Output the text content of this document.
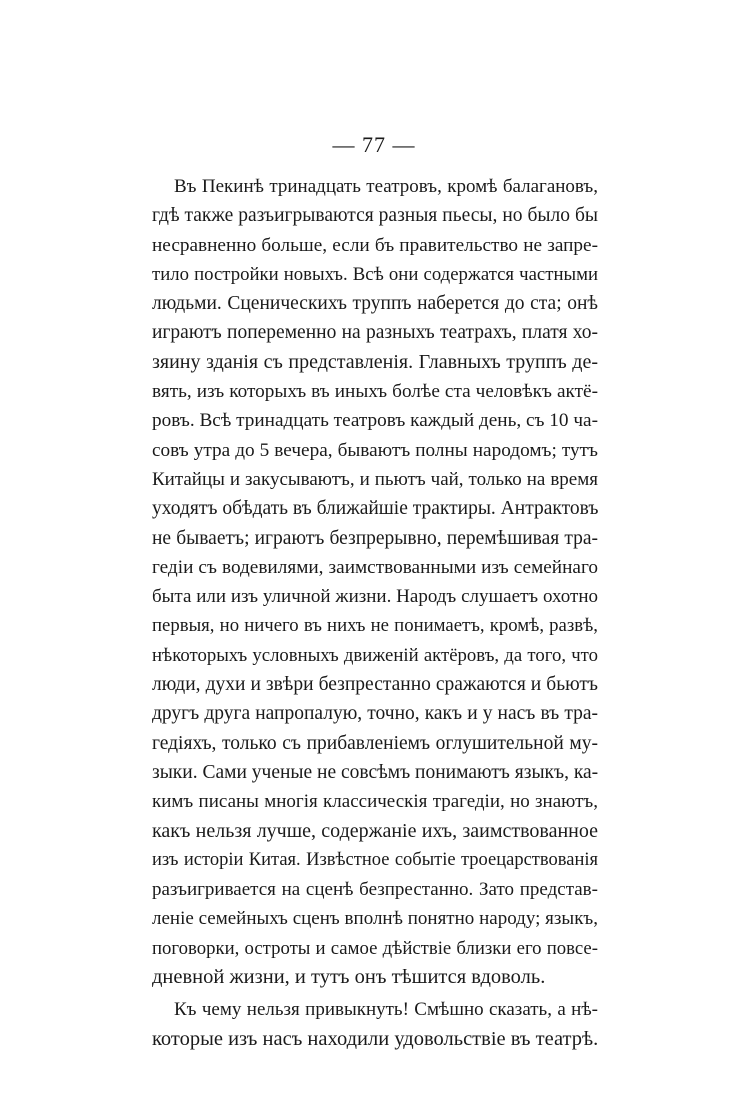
— 77 —
Въ Пекинѣ тринадцать театровъ, кромѣ балагановъ,
гдѣ также разъигрываются разныя пьесы, но было бы
несравненно больше, если бъ правительство не запре-
тило постройки новыхъ. Всѣ они содержатся частными
людьми. Сценическихъ труппъ наберется до ста; онѣ
играютъ попеременно на разныхъ театрахъ, платя хо-
зяину зданія съ представленія. Главныхъ труппъ де-
вять, изъ которыхъ въ иныхъ болѣе ста человѣкъ актё-
ровъ. Всѣ тринадцать театровъ каждый день, съ 10 ча-
совъ утра до 5 вечера, бываютъ полны народомъ; тутъ
Китайцы и закусываютъ, и пьютъ чай, только на время
уходятъ обѣдать въ ближайшіе трактиры. Антрактовъ
не бываетъ; играютъ безпрерывно, перемѣшивая тра-
гедіи съ водевилями, заимствованными изъ семейнаго
быта или изъ уличной жизни. Народъ слушаетъ охотно
первыя, но ничего въ нихъ не понимаетъ, кромѣ, развѣ,
нѣкоторыхъ условныхъ движеній актёровъ, да того, что
люди, духи и звѣри безпрестанно сражаются и бьютъ
другъ друга напропалую, точно, какъ и у насъ въ тра-
гедіяхъ, только съ прибавленіемъ оглушительной му-
зыки. Сами ученые не совсѣмъ понимаютъ языкъ, ка-
кимъ писаны многія классическія трагедіи, но знаютъ,
какъ нельзя лучше, содержаніе ихъ, заимствованное
изъ исторіи Китая. Извѣстное событіе троецарствованія
разъигривается на сценѣ безпрестанно. Зато представ-
леніе семейныхъ сценъ вполнѣ понятно народу; языкъ,
поговорки, остроты и самое дѣйствіе близки его повсе-
дневной жизни, и тутъ онъ тѣшится вдоволь.
Къ чему нельзя привыкнуть! Смѣшно сказать, а нѣ-
которые изъ насъ находили удовольствіе въ театрѣ.
